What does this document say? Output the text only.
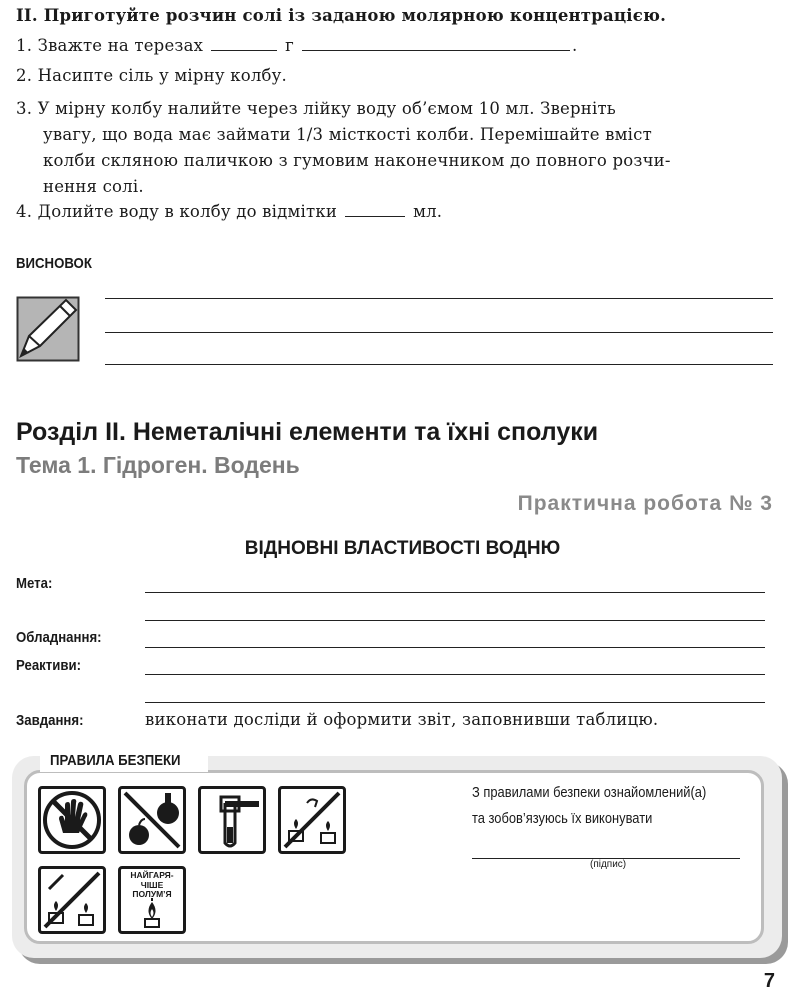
II. Приготуйте розчин солі із заданою молярною концентрацією.
1. Зважте на терезах	г	.
2. Насипте сіль у мірну колбу.
3. У мірну колбу налийте через лійку воду об’ємом 10 мл. Зверніть
увагу, що вода має займати 1/3 місткості колби. Перемішайте вміст
колби скляною паличкою з гумовим наконечником до повного розчи-
нення солі.
4. Долийте воду в колбу до відмітки	мл.
ВИСНОВОК
Розділ ІІ. Неметалічні елементи та їхні сполуки
Тема 1. Гідроген. Водень
Практична робота № 3
ВІДНОВНІ ВЛАСТИВОСТІ ВОДНЮ
Мета:
Обладнання:
Реактиви:
Завдання:	виконати досліди й оформити звіт, заповнивши таблицю.
ПРАВИЛА БЕЗПЕКИ
НАЙГАРЯ-
ЧІШЕ
ПОЛУМ’Я
З правилами безпеки ознайомлений(а)
та зобов’язуюсь їх виконувати
(підпис)
7
